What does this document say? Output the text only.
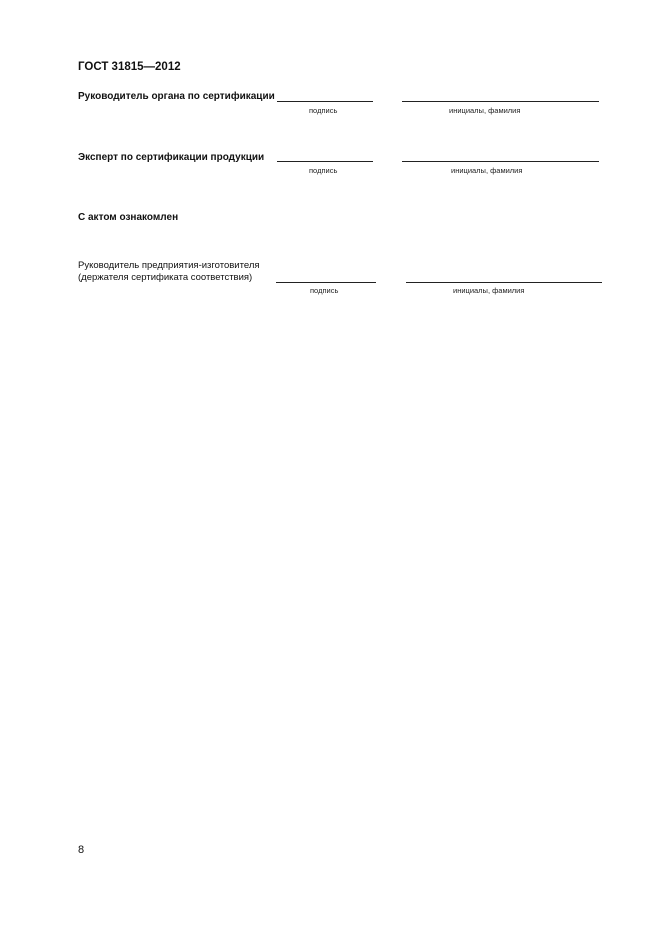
ГОСТ 31815—2012
Руководитель органа по сертификации
подпись	инициалы, фамилия
Эксперт по сертификации продукции
подпись	инициалы, фамилия
С актом ознакомлен
Руководитель предприятия-изготовителя
(держателя сертификата соответствия)
подпись	инициалы, фамилия
8
